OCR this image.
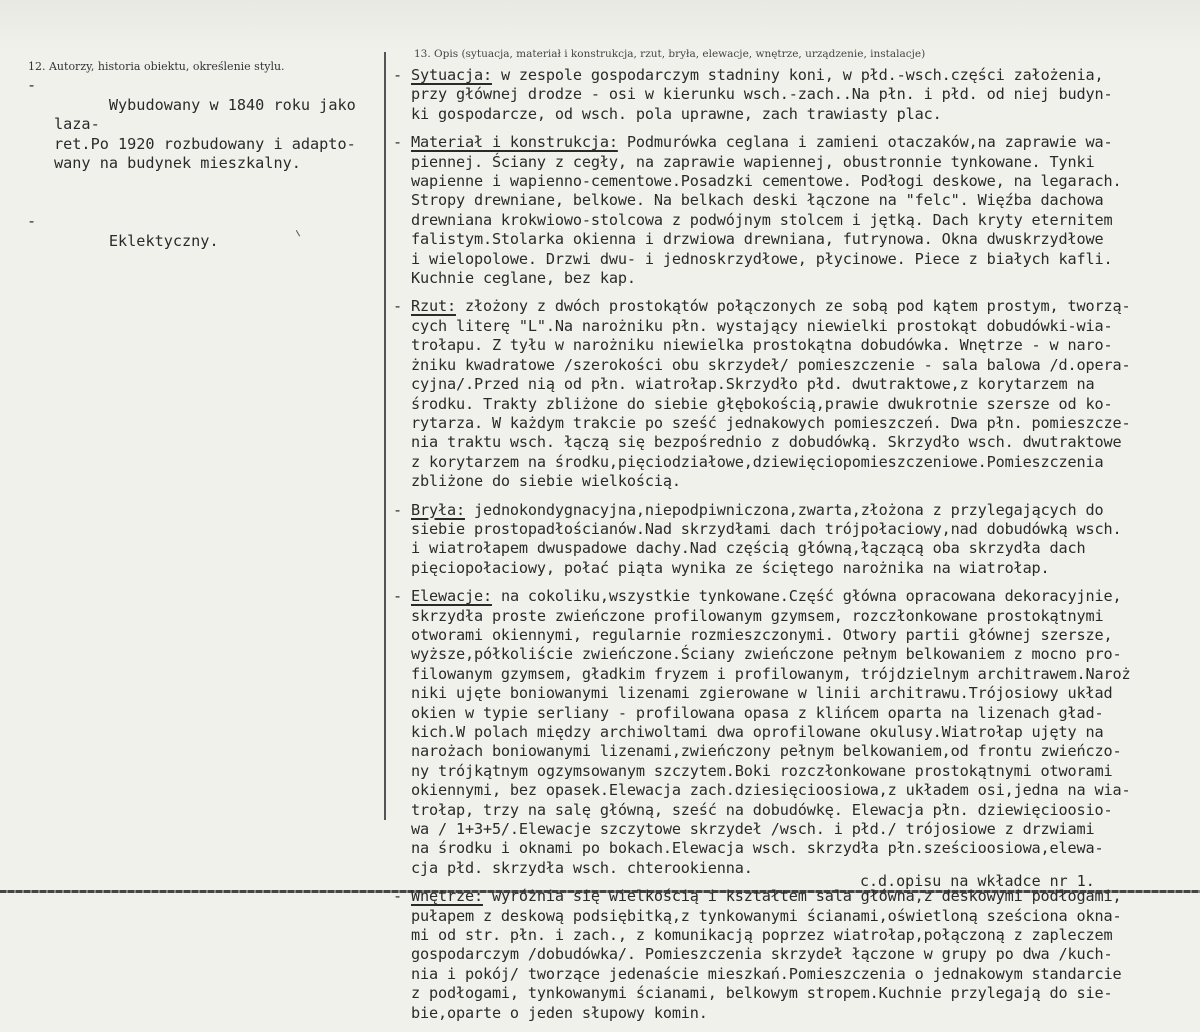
12. Autorzy, historia obiektu, określenie stylu.

-
Wybudowany w 1840 roku jako laza-
ret.Po 1920 rozbudowany i adapto-
wany na budynek mieszkalny.

-
Eklektyczny.

13. Opis (sytuacja, materiał i konstrukcja, rzut, bryła, elewacje, wnętrze, urządzenie, instalacje)
- Sytuacja: w zespole gospodarczym stadniny koni, w płd.-wsch.części założenia,
przy głównej drodze - osi w kierunku wsch.-zach..Na płn. i płd. od niej budyn-
ki gospodarcze, od wsch. pola uprawne, zach trawiasty plac.
- Materiał i konstrukcja: Podmurówka ceglana i zamieni otaczaków,na zaprawie wa-
piennej. Ściany z cegły, na zaprawie wapiennej, obustronnie tynkowane. Tynki
wapienne i wapienno-cementowe.Posadzki cementowe. Podłogi deskowe, na legarach.
Stropy drewniane, belkowe. Na belkach deski łączone na "felc". Więźba dachowa
drewniana krokwiowo-stolcowa z podwójnym stolcem i jętką. Dach kryty eternitem
falistym.Stolarka okienna i drzwiowa drewniana, futrynowa. Okna dwuskrzydłowe
i wielopolowe. Drzwi dwu- i jednoskrzydłowe, płycinowe. Piece z białych kafli.
Kuchnie ceglane, bez kap.
- Rzut: złożony z dwóch prostokątów połączonych ze sobą pod kątem prostym, tworzą-
cych literę "L".Na narożniku płn. wystający niewielki prostokąt dobudówki-wia-
trołapu. Z tyłu w narożniku niewielka prostokątna dobudówka. Wnętrze - w naro-
żniku kwadratowe /szerokości obu skrzydeł/ pomieszczenie - sala balowa /d.opera-
cyjna/.Przed nią od płn. wiatrołap.Skrzydło płd. dwutraktowe,z korytarzem na
środku. Trakty zbliżone do siebie głębokością,prawie dwukrotnie szersze od ko-
rytarza. W każdym trakcie po sześć jednakowych pomieszczeń. Dwa płn. pomieszcze-
nia traktu wsch. łączą się bezpośrednio z dobudówką. Skrzydło wsch. dwutraktowe
z korytarzem na środku,pięciodziałowe,dziewięciopomieszczeniowe.Pomieszczenia
zbliżone do siebie wielkością.
- Bryła: jednokondygnacyjna,niepodpiwniczona,zwarta,złożona z przylegających do
siebie prostopadłościanów.Nad skrzydłami dach trójpołaciowy,nad dobudówką wsch.
i wiatrołapem dwuspadowe dachy.Nad częścią główną,łączącą oba skrzydła dach
pięciopołaciowy, połać piąta wynika ze ściętego narożnika na wiatrołap.
- Elewacje: na cokoliku,wszystkie tynkowane.Część główna opracowana dekoracyjnie,
skrzydła proste zwieńczone profilowanym gzymsem, rozczłonkowane prostokątnymi
otworami okiennymi, regularnie rozmieszczonymi. Otwory partii głównej szersze,
wyższe,półkoliście zwieńczone.Ściany zwieńczone pełnym belkowaniem z mocno pro-
filowanym gzymsem, gładkim fryzem i profilowanym, trójdzielnym architrawem.Naroż
niki ujęte boniowanymi lizenami zgierowane w linii architrawu.Trójosiowy układ
okien w typie serliany - profilowana opasa z klińcem oparta na lizenach gład-
kich.W polach między archiwoltami dwa oprofilowane okulusy.Wiatrołap ujęty na
narożach boniowanymi lizenami,zwieńczony pełnym belkowaniem,od frontu zwieńczo-
ny trójkątnym ogzymsowanym szczytem.Boki rozczłonkowane prostokątnymi otworami
okiennymi, bez opasek.Elewacja zach.dziesięcioosiowa,z układem osi,jedna na wia-
trołap, trzy na salę główną, sześć na dobudówkę. Elewacja płn. dziewięcioosio-
wa / 1+3+5/.Elewacje szczytowe skrzydeł /wsch. i płd./ trójosiowe z drzwiami
na środku i oknami po bokach.Elewacja wsch. skrzydła płn.sześcioosiowa,elewa-
cja płd. skrzydła wsch. chterookienna.
- Wnętrze: wyróżnia się wielkością i kształtem sala główna,z deskowymi podłogami,
pułapem z deskową podsiębitką,z tynkowanymi ścianami,oświetloną sześciona okna-
mi od str. płn. i zach., z komunikacją poprzez wiatrołap,połączoną z zapleczem
gospodarczym /dobudówka/. Pomieszczenia skrzydeł łączone w grupy po dwa /kuch-
nia i pokój/ tworzące jedenaście mieszkań.Pomieszczenia o jednakowym standarcie
z podłogami, tynkowanymi ścianami, belkowym stropem.Kuchnie przylegają do sie-
bie,oparte o jeden słupowy komin.
c.d.opisu na wkładce nr 1.
